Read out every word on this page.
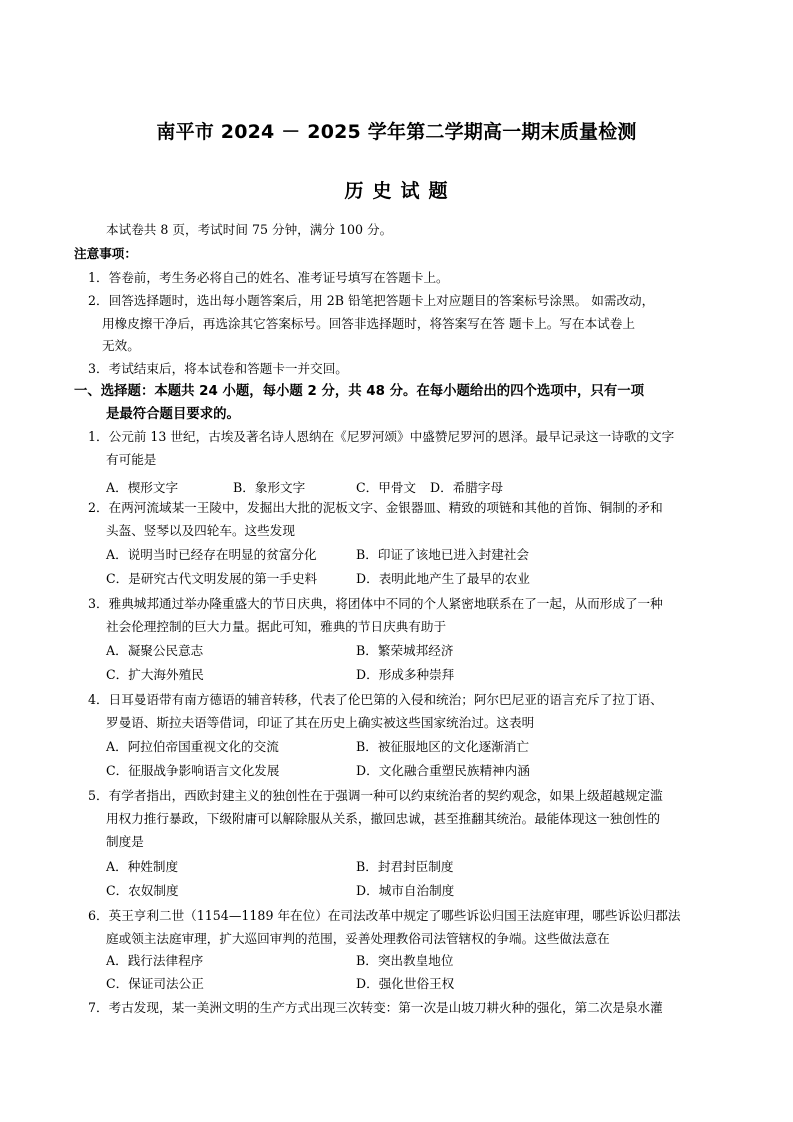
南平市 2024 － 2025 学年第二学期高一期末质量检测
历史试题
本试卷共 8 页，考试时间 75 分钟，满分 100 分。
注意事项：
1．答卷前，考生务必将自己的姓名、准考证号填写在答题卡上。
2．回答选择题时，选出每小题答案后，用 2B 铅笔把答题卡上对应题目的答案标号涂黑。 如需改动，
用橡皮擦干净后，再选涂其它答案标号。回答非选择题时，将答案写在答 题卡上。写在本试卷上
无效。
3．考试结束后，将本试卷和答题卡一并交回。
一、选择题：本题共 24 小题，每小题 2 分，共 48 分。在每小题给出的四个选项中，只有一项
是最符合题目要求的。
1．公元前 13 世纪，古埃及著名诗人恩纳在《尼罗河颂》中盛赞尼罗河的恩泽。最早记录这一诗歌的文字
有可能是
A．楔形文字	B．象形文字	C．甲骨文 D．希腊字母
2．在两河流域某一王陵中，发掘出大批的泥板文字、金银器皿、精致的项链和其他的首饰、铜制的矛和
头盔、竖琴以及四轮车。这些发现
A．说明当时已经存在明显的贫富分化	B．印证了该地已进入封建社会
C．是研究古代文明发展的第一手史料	D．表明此地产生了最早的农业
3．雅典城邦通过举办隆重盛大的节日庆典，将团体中不同的个人紧密地联系在了一起，从而形成了一种
社会伦理控制的巨大力量。据此可知，雅典的节日庆典有助于
A．凝聚公民意志	B．繁荣城邦经济
C．扩大海外殖民	D．形成多种崇拜
4．日耳曼语带有南方德语的辅音转移，代表了伦巴第的入侵和统治；阿尔巴尼亚的语言充斥了拉丁语、
罗曼语、斯拉夫语等借词，印证了其在历史上确实被这些国家统治过。这表明
A．阿拉伯帝国重视文化的交流	B．被征服地区的文化逐渐消亡
C．征服战争影响语言文化发展	D．文化融合重塑民族精神内涵
5．有学者指出，西欧封建主义的独创性在于强调一种可以约束统治者的契约观念，如果上级超越规定滥
用权力推行暴政，下级附庸可以解除服从关系，撤回忠诚，甚至推翻其统治。最能体现这一独创性的
制度是
A．种姓制度	B．封君封臣制度
C．农奴制度	D．城市自治制度
6．英王亨利二世（1154—1189 年在位）在司法改革中规定了哪些诉讼归国王法庭审理，哪些诉讼归郡法
庭或领主法庭审理，扩大巡回审判的范围，妥善处理教俗司法管辖权的争端。这些做法意在
A．践行法律程序	B．突出教皇地位
C．保证司法公正	D．强化世俗王权
7．考古发现，某一美洲文明的生产方式出现三次转变：第一次是山坡刀耕火种的强化，第二次是泉水灌
